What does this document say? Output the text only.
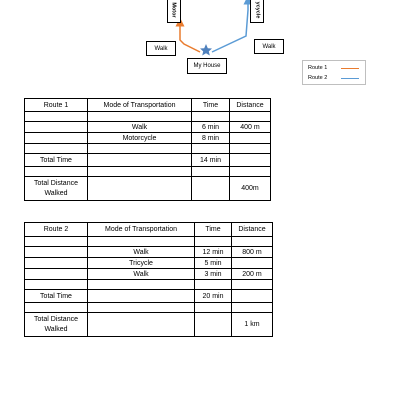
Motor	ycycle
Walk	Walk
My House	Route 1
Route 2
Route 1	Mode of Transportation	Time	Distance

	Walk	6 min	400 m
	Motorcycle	8 min	

Total Time		14 min	

Total Distance Walked			400m
Route 2	Mode of Transportation	Time	Distance

	Walk	12 min	800 m
	Tricycle	5 min	
	Walk	3 min	200 m

Total Time		20 min	

Total Distance Walked			1 km
